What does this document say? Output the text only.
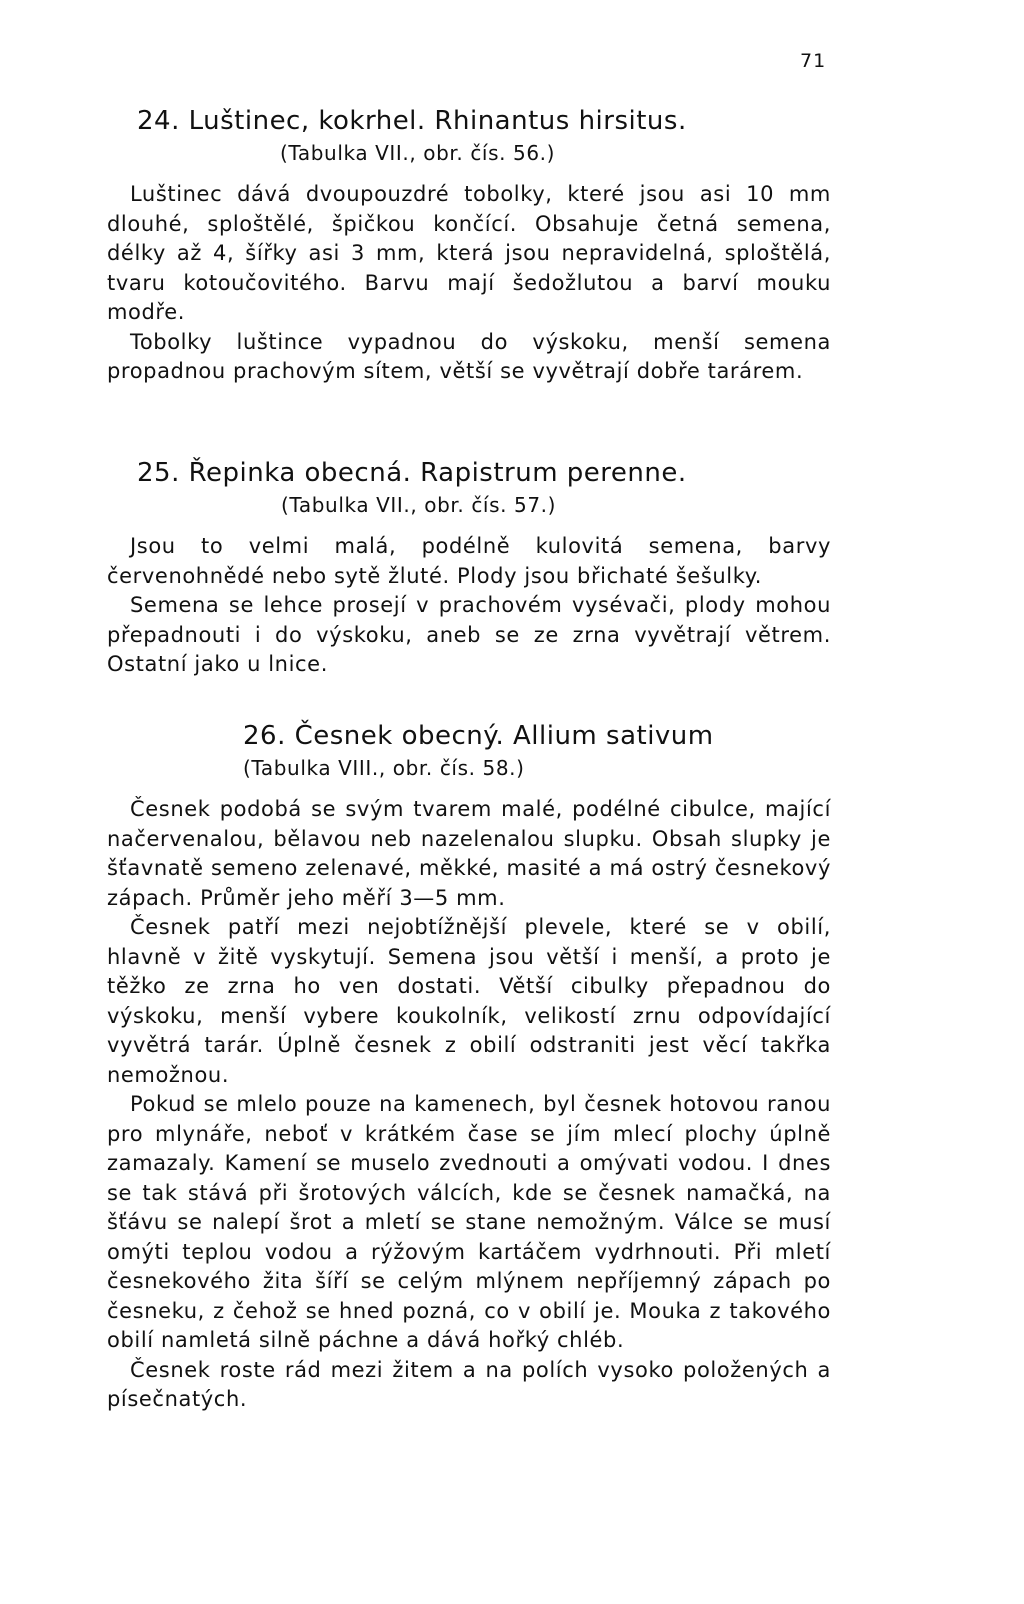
71
24. Luštinec, kokrhel. Rhinantus hirsitus.
(Tabulka VII., obr. čís. 56.)

Luštinec dává dvoupouzdré tobolky, které jsou asi 10 mm dlouhé, sploštělé, špičkou končící. Obsahuje četná semena, délky až 4, šířky asi 3 mm, která jsou nepravidelná, sploštělá, tvaru kotoučovitého. Barvu mají šedožlutou a barví mouku modře.

Tobolky luštince vypadnou do výskoku, menší semena propadnou prachovým sítem, větší se vyvětrají dobře tarárem.

25. Řepinka obecná. Rapistrum perenne.
(Tabulka VII., obr. čís. 57.)

Jsou to velmi malá, podélně kulovitá semena, barvy červenohnědé nebo sytě žluté. Plody jsou břichaté šešulky.

Semena se lehce prosejí v prachovém vysévači, plody mohou přepadnouti i do výskoku, aneb se ze zrna vyvětrají větrem. Ostatní jako u lnice.

26. Česnek obecný. Allium sativum
(Tabulka VIII., obr. čís. 58.)

Česnek podobá se svým tvarem malé, podélné cibulce, mající načervenalou, bělavou neb nazelenalou slupku. Obsah slupky je šťavnatě semeno zelenavé, měkké, masité a má ostrý česnekový zápach. Průměr jeho měří 3—5 mm.

Česnek patří mezi nejobtížnější plevele, které se v obilí, hlavně v žitě vyskytují. Semena jsou větší i menší, a proto je těžko ze zrna ho ven dostati. Větší cibulky přepadnou do výskoku, menší vybere koukolník, velikostí zrnu odpovídající vyvětrá tarár. Úplně česnek z obilí odstraniti jest věcí takřka nemožnou.

Pokud se mlelo pouze na kamenech, byl česnek hotovou ranou pro mlynáře, neboť v krátkém čase se jím mlecí plochy úplně zamazaly. Kamení se muselo zvednouti a omývati vodou. I dnes se tak stává při šrotových válcích, kde se česnek namačká, na šťávu se nalepí šrot a mletí se stane nemožným. Válce se musí omýti teplou vodou a rýžovým kartáčem vydrhnouti. Při mletí česnekového žita šíří se celým mlýnem nepříjemný zápach po česneku, z čehož se hned pozná, co v obilí je. Mouka z takového obilí namletá silně páchne a dává hořký chléb.

Česnek roste rád mezi žitem a na polích vysoko položených a písečnatých.
